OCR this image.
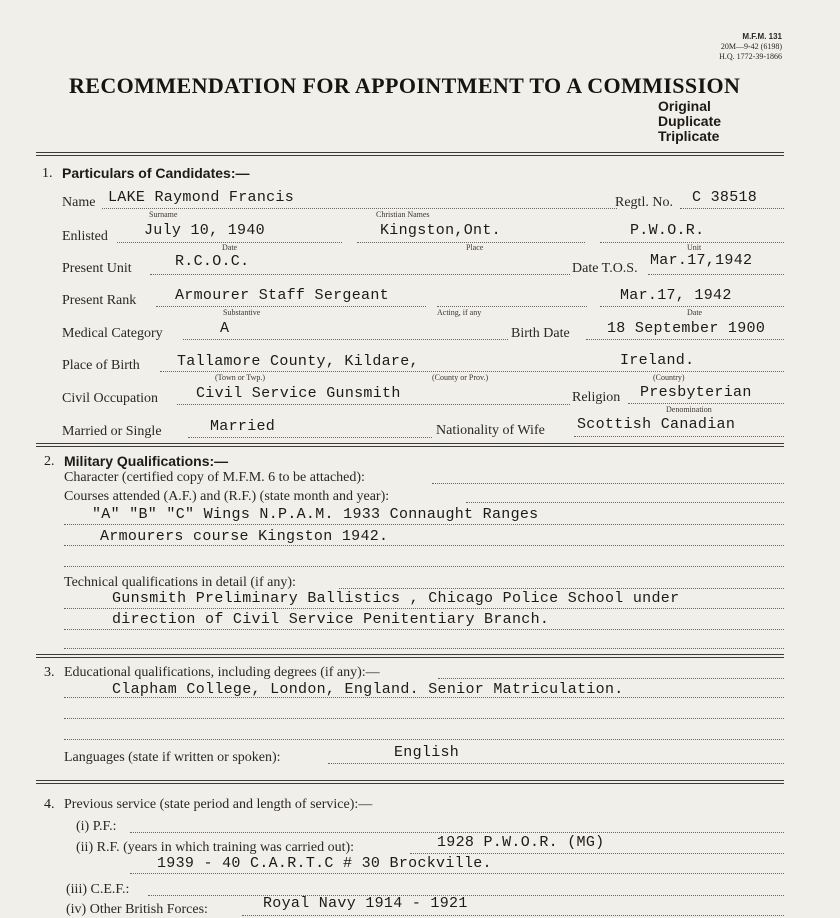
M.F.M. 131
20M—9-42 (6198)
H.Q. 1772-39-1866
RECOMMENDATION FOR APPOINTMENT TO A COMMISSION
Original
Duplicate
Triplicate
1. Particulars of Candidates:—
Name LAKE Raymond Francis	Regtl. No. C 38518
Surname	Christian Names
Enlisted July 10, 1940	Kingston,Ont.	P.W.O.R.
Date	Place	Unit
Present Unit	R.C.O.C.	Date T.O.S. Mar.17,1942
Present Rank	Armourer Staff Sergeant	Mar.17, 1942
Substantive	Acting, if any	Date
Medical Category	A	Birth Date 18 September 1900
Place of Birth Tallamore County, Kildare,	Ireland.
(Town or Twp.)	(County or Prov.)	(Country)
Civil Occupation	Civil Service Gunsmith	Religion Presbyterian
Denomination
Married or Single	Married	Nationality of Wife Scottish Canadian
2. Military Qualifications:—
Character (certified copy of M.F.M. 6 to be attached):
Courses attended (A.F.) and (R.F.) (state month and year):
"A" "B" "C" Wings N.P.A.M. 1933 Connaught Ranges
Armourers course Kingston 1942.
Technical qualifications in detail (if any):
Gunsmith Preliminary Ballistics , Chicago Police School under
direction of Civil Service Penitentiary Branch.
3. Educational qualifications, including degrees (if any):—
Clapham College, London, England. Senior Matriculation.
Languages (state if written or spoken):	English
4. Previous service (state period and length of service):—
(i) P.F.:
(ii) R.F. (years in which training was carried out):	1928 P.W.O.R. (MG)
1939 - 40 C.A.R.T.C # 30 Brockville.
(iii) C.E.F.:
(iv) Other British Forces:	Royal Navy 1914 - 1921
